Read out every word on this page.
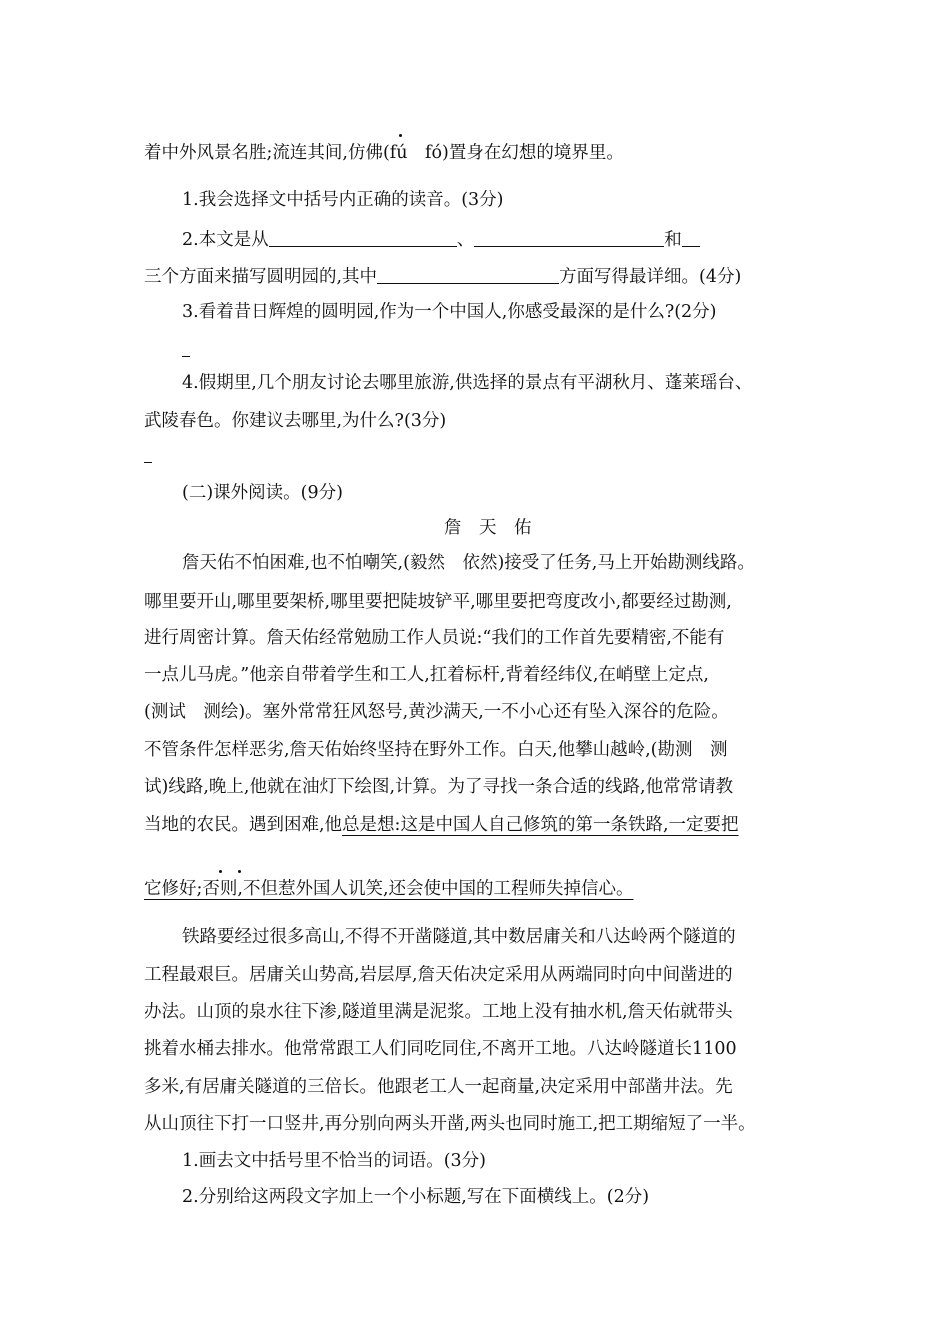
着中外风景名胜;流连其间,仿佛(fú　fó)置身在幻想的境界里。
1.我会选择文中括号内正确的读音。(3分)
2.本文是从	、	和
三个方面来描写圆明园的,其中	方面写得最详细。(4分)
3.看着昔日辉煌的圆明园,作为一个中国人,你感受最深的是什么?(2分)
4.假期里,几个朋友讨论去哪里旅游,供选择的景点有平湖秋月、蓬莱瑶台、
武陵春色。你建议去哪里,为什么?(3分)
(二)课外阅读。(9分)
詹　天　佑
詹天佑不怕困难,也不怕嘲笑,(毅然　依然)接受了任务,马上开始勘测线路。
哪里要开山,哪里要架桥,哪里要把陡坡铲平,哪里要把弯度改小,都要经过勘测,
进行周密计算。詹天佑经常勉励工作人员说:“我们的工作首先要精密,不能有
一点儿马虎。”他亲自带着学生和工人,扛着标杆,背着经纬仪,在峭壁上定点,
(测试　测绘)。塞外常常狂风怒号,黄沙满天,一不小心还有坠入深谷的危险。
不管条件怎样恶劣,詹天佑始终坚持在野外工作。白天,他攀山越岭,(勘测　测
试)线路,晚上,他就在油灯下绘图,计算。为了寻找一条合适的线路,他常常请教
当地的农民。遇到困难,他总是想:这是中国人自己修筑的第一条铁路,一定要把
它修好;否则,不但惹外国人讥笑,还会使中国的工程师失掉信心。
铁路要经过很多高山,不得不开凿隧道,其中数居庸关和八达岭两个隧道的
工程最艰巨。居庸关山势高,岩层厚,詹天佑决定采用从两端同时向中间凿进的
办法。山顶的泉水往下渗,隧道里满是泥浆。工地上没有抽水机,詹天佑就带头
挑着水桶去排水。他常常跟工人们同吃同住,不离开工地。八达岭隧道长1100
多米,有居庸关隧道的三倍长。他跟老工人一起商量,决定采用中部凿井法。先
从山顶往下打一口竖井,再分别向两头开凿,两头也同时施工,把工期缩短了一半。
1.画去文中括号里不恰当的词语。(3分)
2.分别给这两段文字加上一个小标题,写在下面横线上。(2分)
